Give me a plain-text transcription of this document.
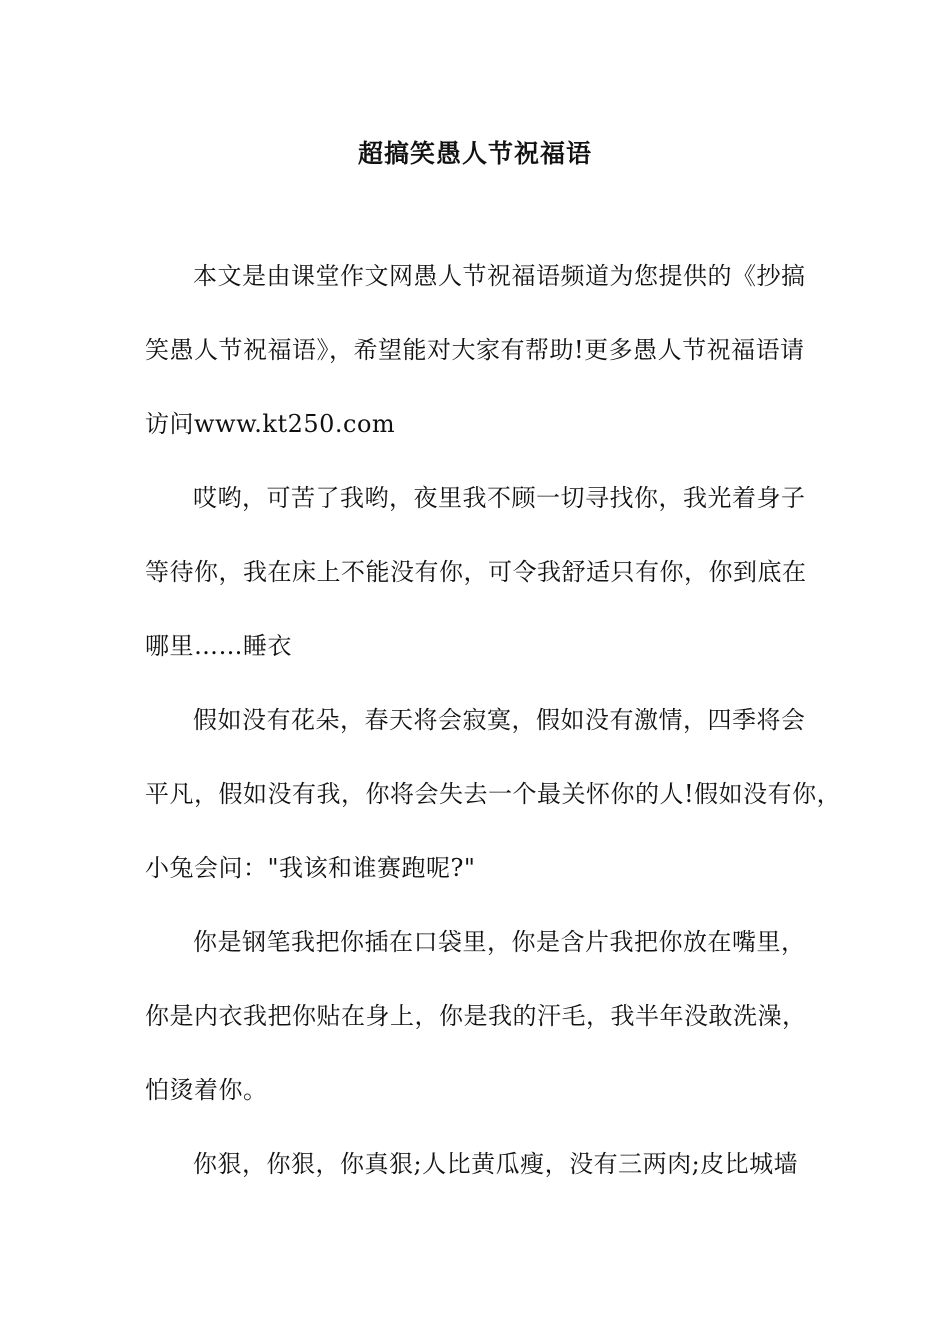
超搞笑愚人节祝福语
本文是由课堂作文网愚人节祝福语频道为您提供的《抄搞
笑愚人节祝福语》，希望能对大家有帮助!更多愚人节祝福语请
访问www.kt250.com
哎哟，可苦了我哟，夜里我不顾一切寻找你，我光着身子
等待你，我在床上不能没有你，可令我舒适只有你，你到底在
哪里……睡衣
假如没有花朵，春天将会寂寞，假如没有激情，四季将会
平凡，假如没有我，你将会失去一个最关怀你的人!假如没有你，
小兔会问："我该和谁赛跑呢?"
你是钢笔我把你插在口袋里，你是含片我把你放在嘴里，
你是内衣我把你贴在身上，你是我的汗毛，我半年没敢洗澡，
怕烫着你。
你狠，你狠，你真狠;人比黄瓜瘦，没有三两肉;皮比城墙
